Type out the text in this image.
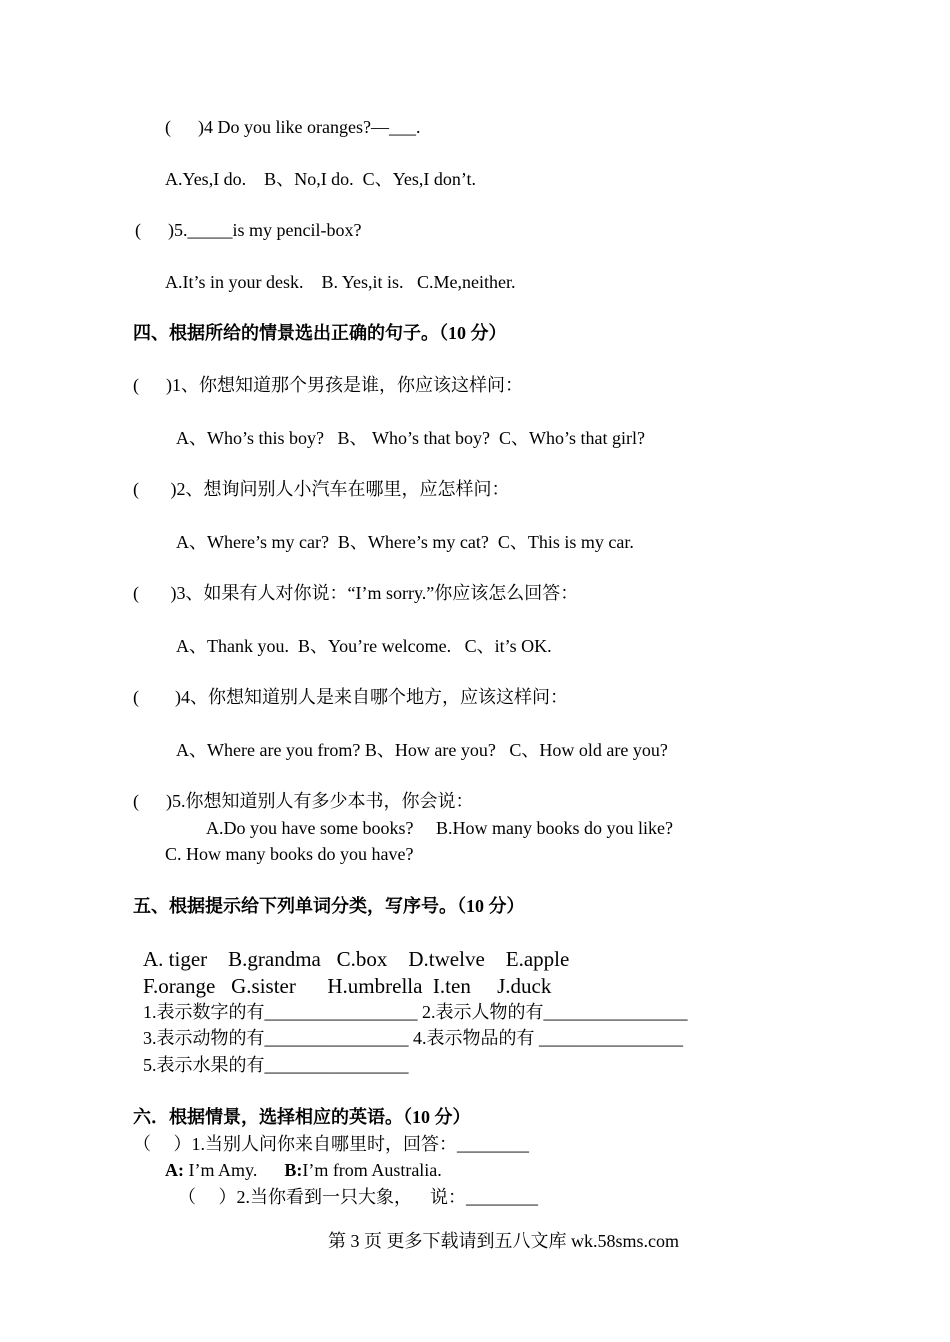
(      )4 Do you like oranges?—___.
A.Yes,I do.    B、No,I do.  C、Yes,I don’t.
(      )5._____is my pencil-box?
A.It’s in your desk.    B. Yes,it is.   C.Me,neither.
四、根据所给的情景选出正确的句子。（10 分）
(      )1、你想知道那个男孩是谁，你应该这样问：
A、Who’s this boy?   B、 Who’s that boy?  C、Who’s that girl?
(       )2、想询问别人小汽车在哪里，应怎样问：
A、Where’s my car?  B、Where’s my cat?  C、This is my car.
(       )3、如果有人对你说：“I’m sorry.”你应该怎么回答：
A、Thank you.  B、You’re welcome.   C、it’s OK.
(        )4、你想知道别人是来自哪个地方，应该这样问：
A、Where are you from? B、How are you?   C、How old are you?
(      )5.你想知道别人有多少本书，你会说：
A.Do you have some books?     B.How many books do you like?
C. How many books do you have?
五、根据提示给下列单词分类，写序号。（10 分）
A. tiger    B.grandma   C.box    D.twelve    E.apple
F.orange   G.sister      H.umbrella  I.ten     J.duck
1.表示数字的有_________________ 2.表示人物的有________________
3.表示动物的有________________ 4.表示物品的有 ________________
5.表示水果的有________________
六．根据情景，选择相应的英语。（10 分）
（     ）1.当别人问你来自哪里时，回答：________
A: I’m Amy.      B:I’m from Australia.
（     ）2.当你看到一只大象，    说：________
第 3 页 更多下载请到五八文库 wk.58sms.com
